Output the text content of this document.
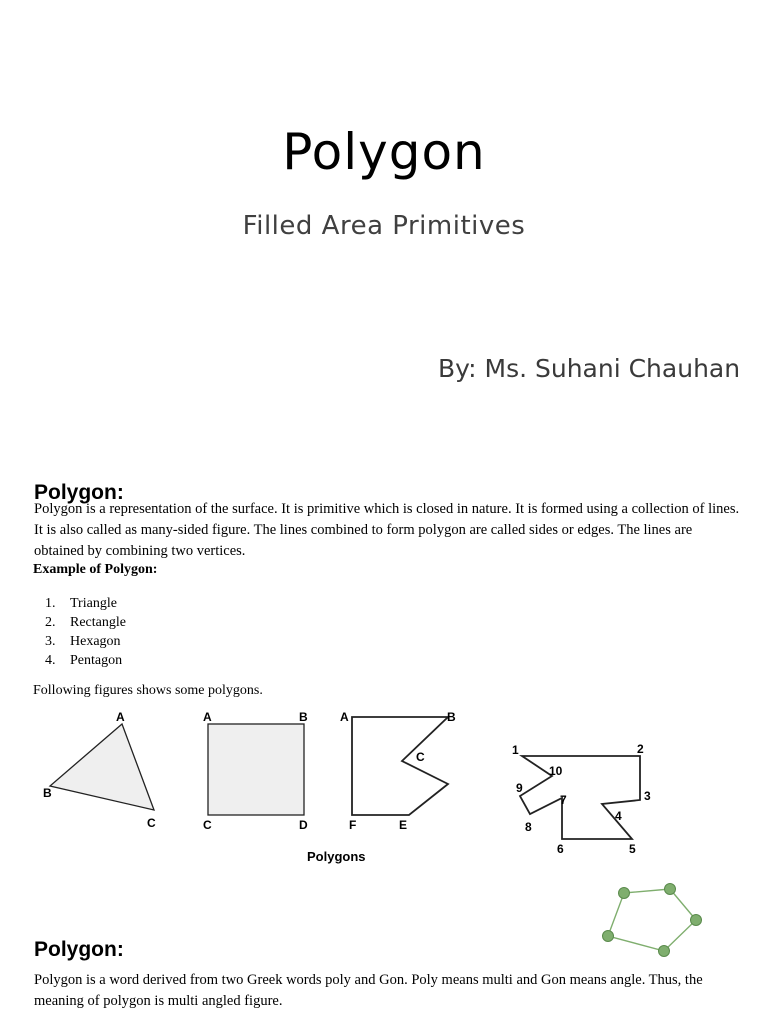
Polygon
Filled Area Primitives
By: Ms. Suhani Chauhan
Polygon:
Polygon is a representation of the surface. It is primitive which is closed in nature. It is formed using a collection of lines. It is also called as many-sided figure. The lines combined to form polygon are called sides or edges. The lines are obtained by combining two vertices.
Example of Polygon:
1. Triangle
2. Rectangle
3. Hexagon
4. Pentagon
Following figures shows some polygons.
A
B
C
A	B
C	D
A	B
C
E
F
1	2
3
4
5
6
7
8
9
10
Polygons
Polygon:
Polygon is a word derived from two Greek words poly and Gon. Poly means multi and Gon means angle. Thus, the meaning of polygon is multi angled figure.
